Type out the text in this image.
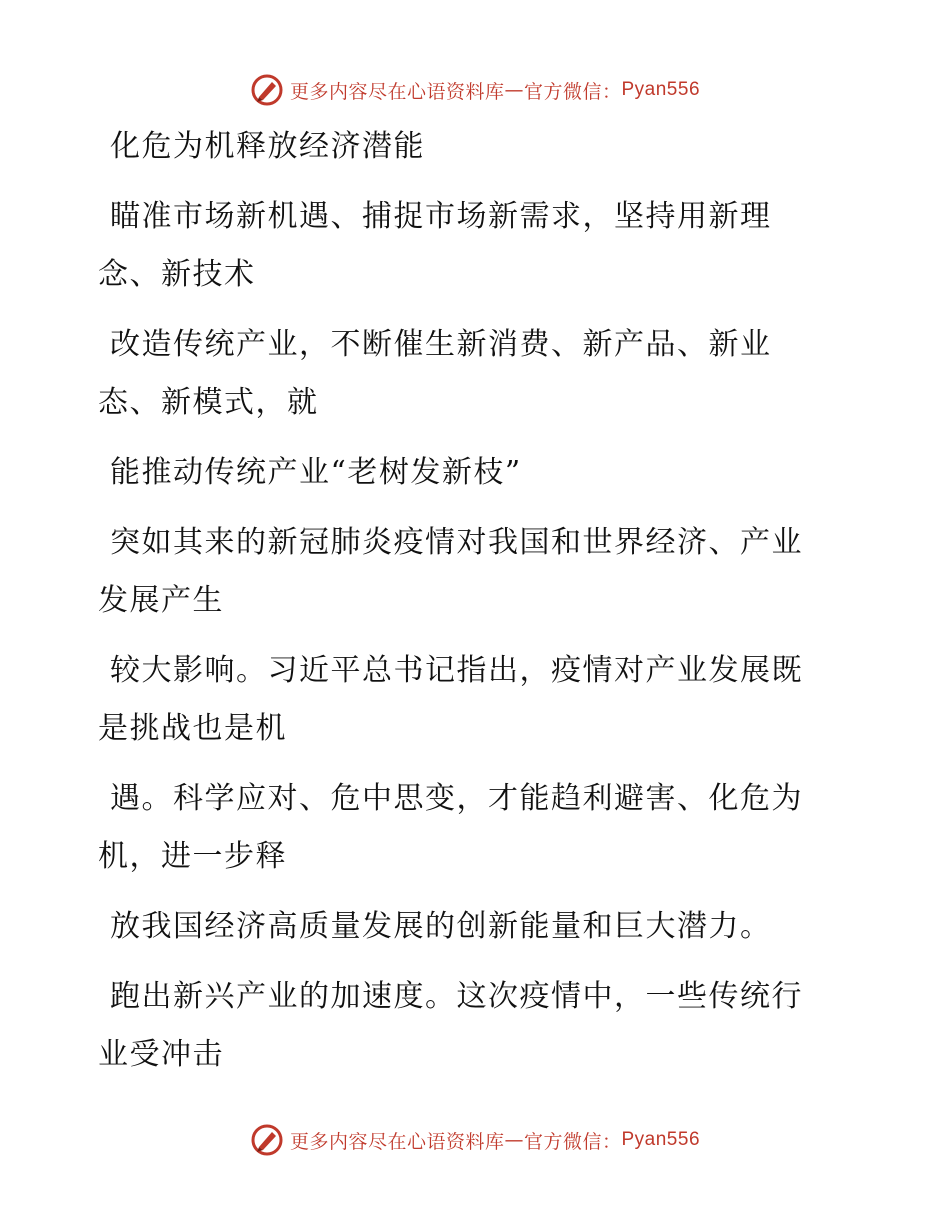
更多内容尽在心语资料库 — 官方微信： Pyan556

化危为机释放经济潜能

瞄准市场新机遇、捕捉市场新需求，坚持用新理念、新技术

改造传统产业，不断催生新消费、新产品、新业态、新模式，就

能推动传统产业“老树发新枝”

突如其来的新冠肺炎疫情对我国和世界经济、产业发展产生

较大影响。习近平总书记指出，疫情对产业发展既是挑战也是机

遇。科学应对、危中思变，才能趋利避害、化危为机，进一步释

放我国经济高质量发展的创新能量和巨大潜力。

跑出新兴产业的加速度。这次疫情中，一些传统行业受冲击

更多内容尽在心语资料库 — 官方微信： Pyan556
